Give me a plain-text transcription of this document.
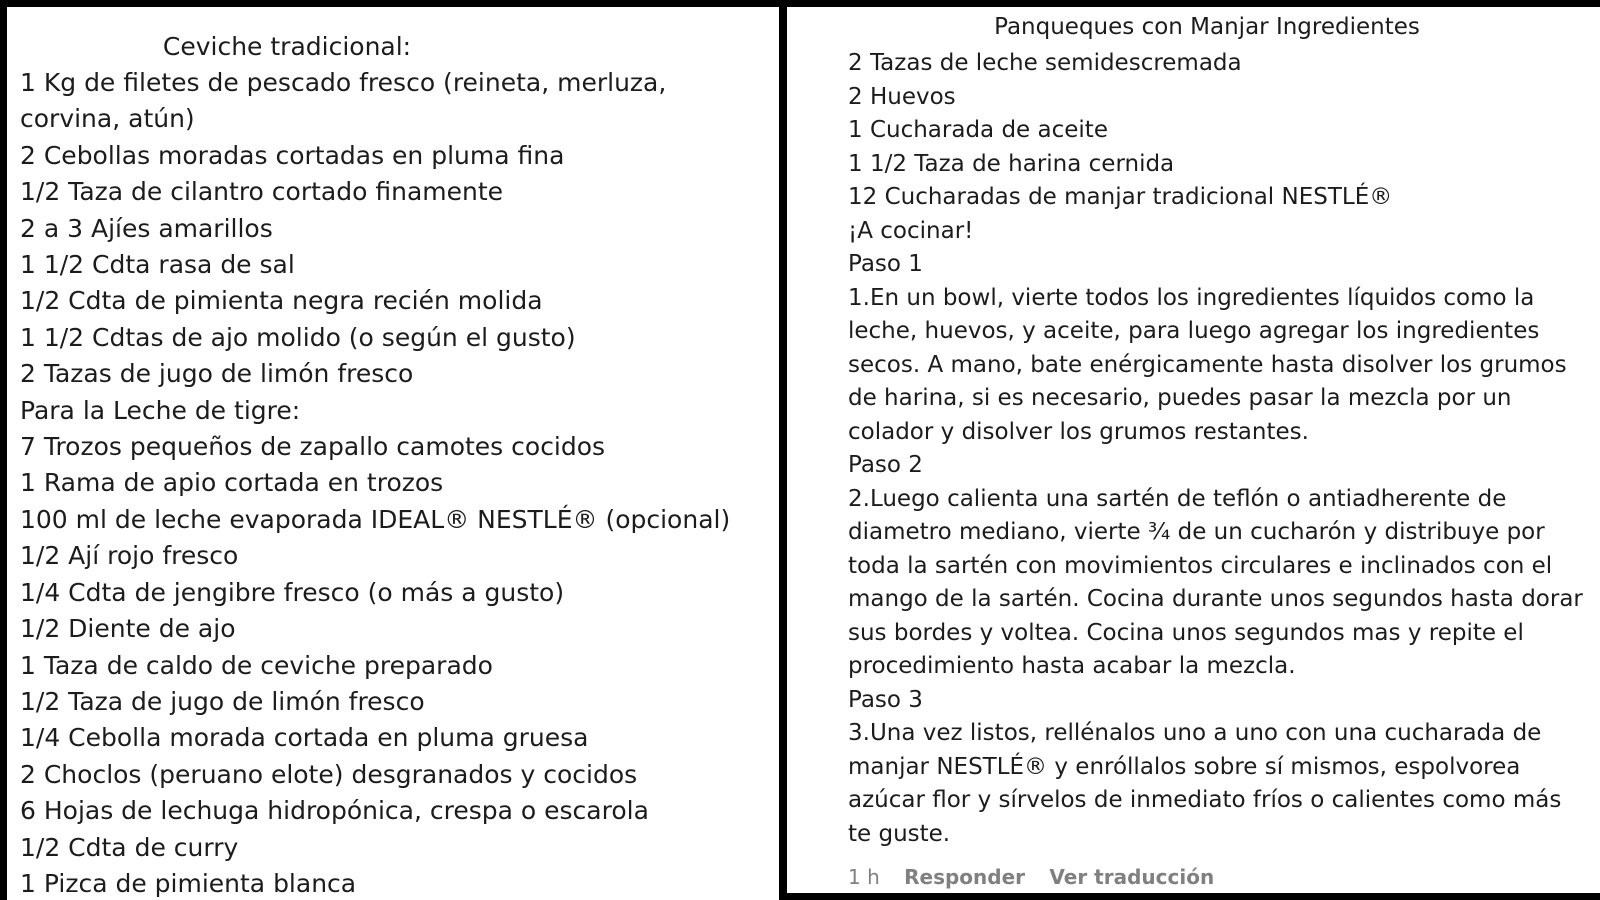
Ceviche tradicional:
1 Kg de filetes de pescado fresco (reineta, merluza, corvina, atún)
2 Cebollas moradas cortadas en pluma fina
1/2 Taza de cilantro cortado finamente
2 a 3 Ajíes amarillos
1 1/2 Cdta rasa de sal
1/2 Cdta de pimienta negra recién molida
1 1/2 Cdtas de ajo molido (o según el gusto)
2 Tazas de jugo de limón fresco
Para la Leche de tigre:
7 Trozos pequeños de zapallo camotes cocidos
1 Rama de apio cortada en trozos
100 ml de leche evaporada IDEAL® NESTLÉ® (opcional)
1/2 Ají rojo fresco
1/4 Cdta de jengibre fresco (o más a gusto)
1/2 Diente de ajo
1 Taza de caldo de ceviche preparado
1/2 Taza de jugo de limón fresco
1/4 Cebolla morada cortada en pluma gruesa
2 Choclos (peruano elote) desgranados y cocidos
6 Hojas de lechuga hidropónica, crespa o escarola
1/2 Cdta de curry
1 Pizca de pimienta blanca
Panqueques con Manjar Ingredientes
2 Tazas de leche semidescremada
2 Huevos
1 Cucharada de aceite
1 1/2 Taza de harina cernida
12 Cucharadas de manjar tradicional NESTLÉ®
¡A cocinar!
Paso 1
1.En un bowl, vierte todos los ingredientes líquidos como la leche, huevos, y aceite, para luego agregar los ingredientes secos. A mano, bate enérgicamente hasta disolver los grumos de harina, si es necesario, puedes pasar la mezcla por un colador y disolver los grumos restantes.
Paso 2
2.Luego calienta una sartén de teflón o antiadherente de diametro mediano, vierte ¾ de un cucharón y distribuye por toda la sartén con movimientos circulares e inclinados con el mango de la sartén. Cocina durante unos segundos hasta dorar sus bordes y voltea. Cocina unos segundos mas y repite el procedimiento hasta acabar la mezcla.
Paso 3
3.Una vez listos, rellénalos uno a uno con una cucharada de manjar NESTLÉ® y enróllalos sobre sí mismos, espolvorea azúcar flor y sírvelos de inmediato fríos o calientes como más te guste.
1 h Responder Ver traducción
